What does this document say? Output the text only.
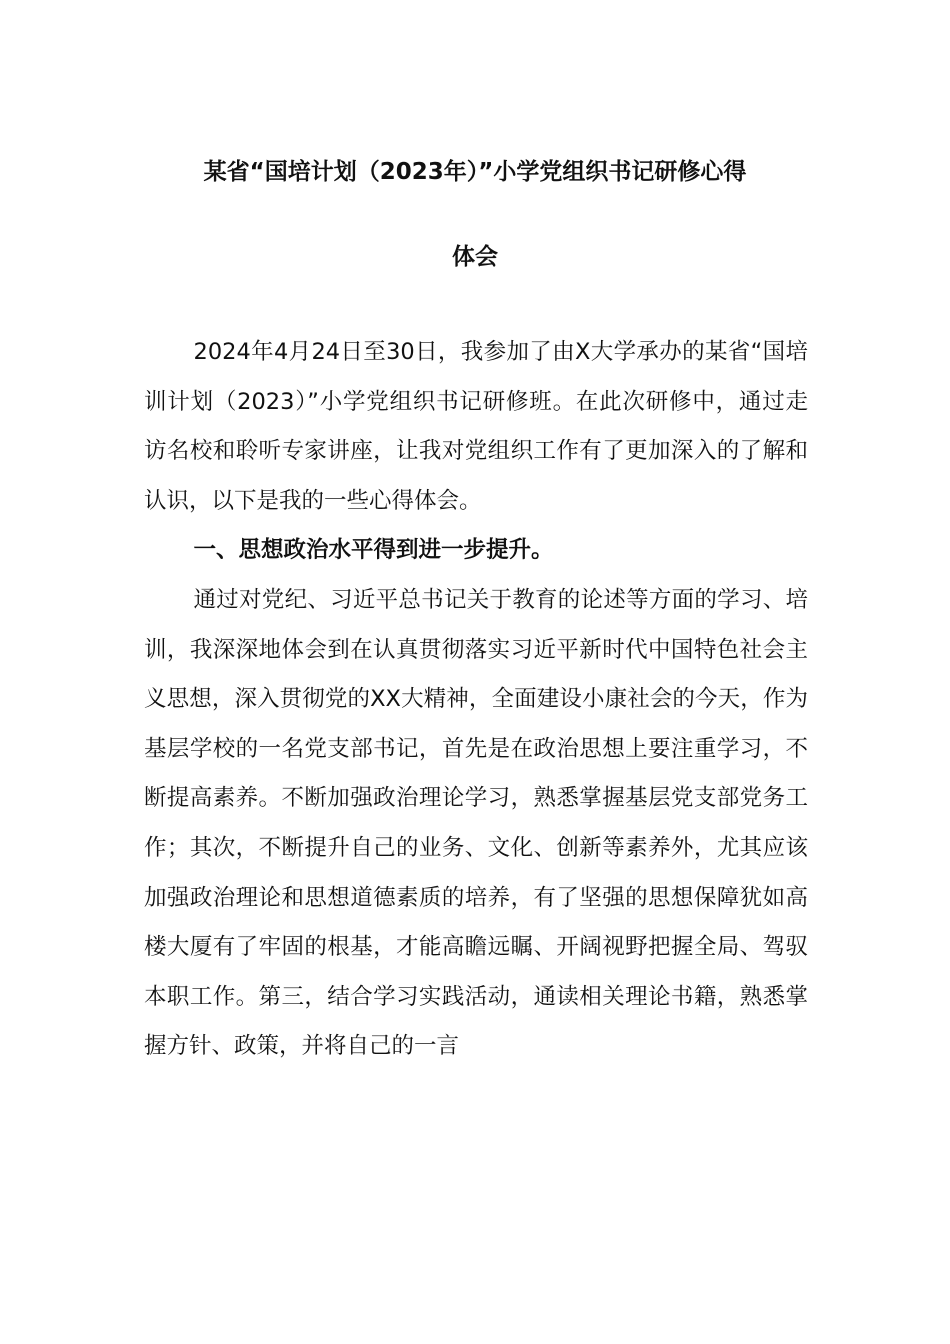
某省“国培计划（2023年）”小学党组织书记研修心得
体会

2024年4月24日至30日，我参加了由X大学承办的某省“国培训计划（2023）”小学党组织书记研修班。在此次研修中，通过走访名校和聆听专家讲座，让我对党组织工作有了更加深入的了解和认识，以下是我的一些心得体会。

一、思想政治水平得到进一步提升。

通过对党纪、习近平总书记关于教育的论述等方面的学习、培训，我深深地体会到在认真贯彻落实习近平新时代中国特色社会主义思想，深入贯彻党的XX大精神，全面建设小康社会的今天，作为基层学校的一名党支部书记，首先是在政治思想上要注重学习，不断提高素养。不断加强政治理论学习，熟悉掌握基层党支部党务工作；其次，不断提升自己的业务、文化、创新等素养外，尤其应该加强政治理论和思想道德素质的培养，有了坚强的思想保障犹如高楼大厦有了牢固的根基，才能高瞻远瞩、开阔视野把握全局、驾驭本职工作。第三，结合学习实践活动，通读相关理论书籍，熟悉掌握方针、政策，并将自己的一言
